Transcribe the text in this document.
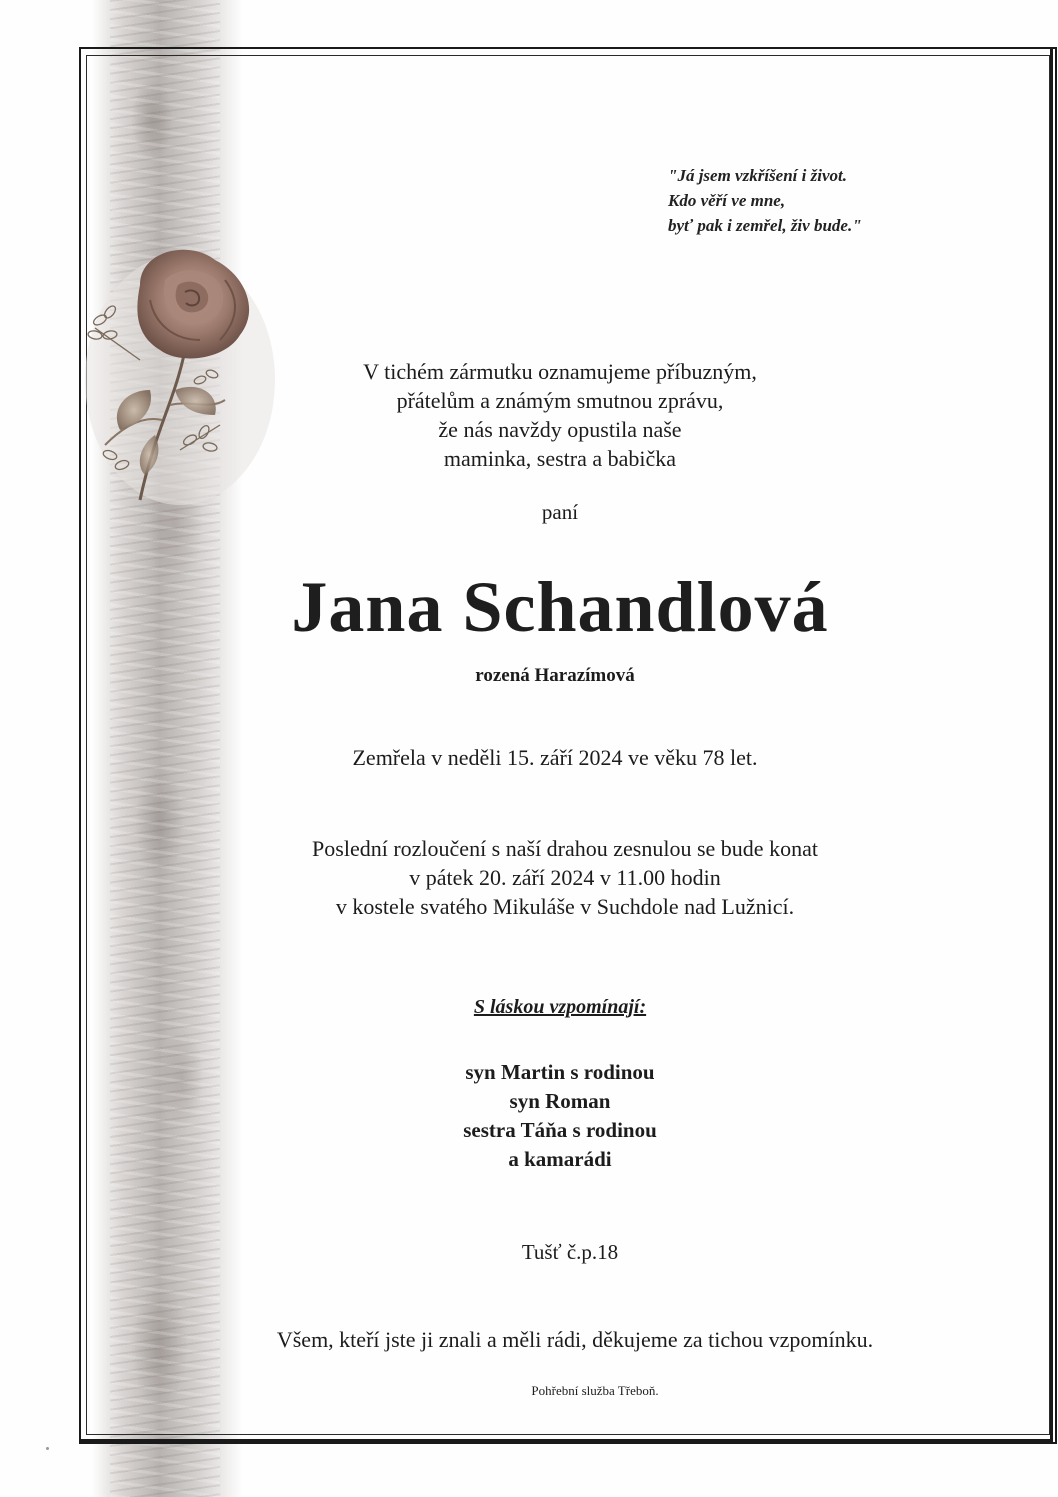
"Já jsem vzkříšení i život.
Kdo věří ve mne,
byť pak i zemřel, živ bude."
V tichém zármutku oznamujeme příbuzným,
přátelům a známým smutnou zprávu,
že nás navždy opustila naše
maminka, sestra a babička
paní
Jana Schandlová
rozená Harazímová
Zemřela v neděli 15. září 2024 ve věku 78 let.
Poslední rozloučení s naší drahou zesnulou se bude konat
v pátek 20. září 2024 v 11.00 hodin
v kostele svatého Mikuláše v Suchdole nad Lužnicí.
S láskou vzpomínají:
syn Martin s rodinou
syn Roman
sestra Táňa s rodinou
a kamarádi
Tušť č.p.18
Všem, kteří jste ji znali a měli rádi, děkujeme za tichou vzpomínku.
Pohřební služba Třeboň.
